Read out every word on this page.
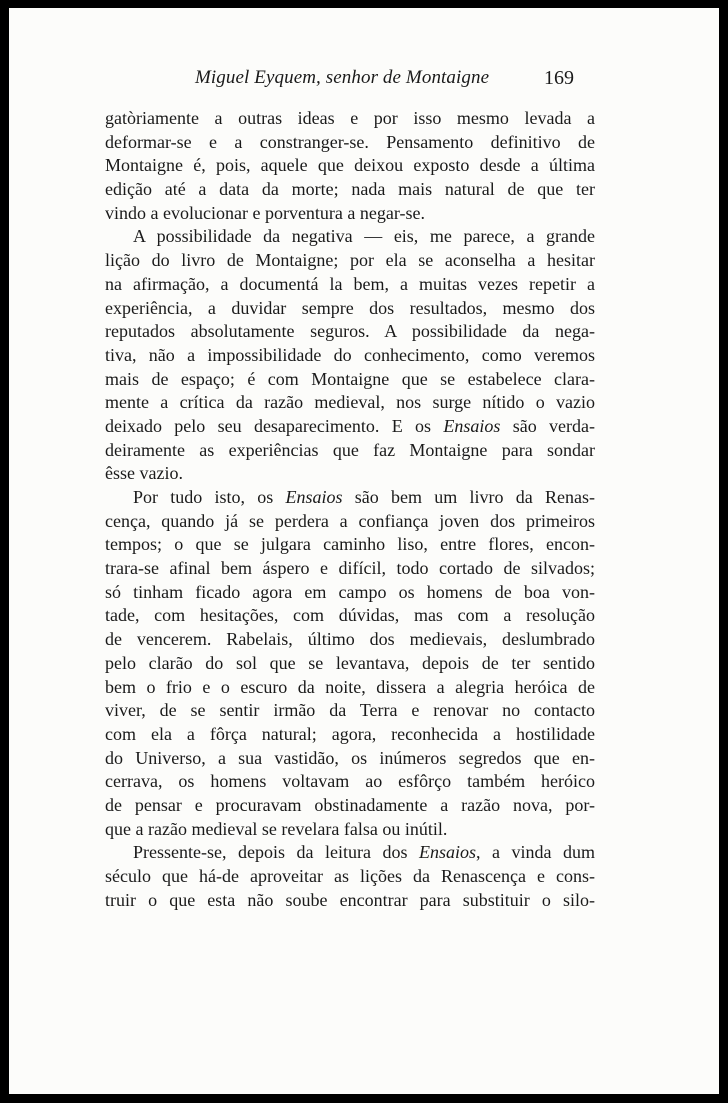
Miguel Eyquem, senhor de Montaigne	169
gatòriamente a outras ideas e por isso mesmo levada a
deformar-se e a constranger-se. Pensamento definitivo de
Montaigne é, pois, aquele que deixou exposto desde a última
edição até a data da morte; nada mais natural de que ter
vindo a evolucionar e porventura a negar-se.
A possibilidade da negativa — eis, me parece, a grande
lição do livro de Montaigne; por ela se aconselha a hesitar
na afirmação, a documentá la bem, a muitas vezes repetir a
experiência, a duvidar sempre dos resultados, mesmo dos
reputados absolutamente seguros. A possibilidade da nega-
tiva, não a impossibilidade do conhecimento, como veremos
mais de espaço; é com Montaigne que se estabelece clara-
mente a crítica da razão medieval, nos surge nítido o vazio
deixado pelo seu desaparecimento. E os Ensaios são verda-
deiramente as experiências que faz Montaigne para sondar
êsse vazio.
Por tudo isto, os Ensaios são bem um livro da Renas-
cença, quando já se perdera a confiança joven dos primeiros
tempos; o que se julgara caminho liso, entre flores, encon-
trara-se afinal bem áspero e difícil, todo cortado de silvados;
só tinham ficado agora em campo os homens de boa von-
tade, com hesitações, com dúvidas, mas com a resolução
de vencerem. Rabelais, último dos medievais, deslumbrado
pelo clarão do sol que se levantava, depois de ter sentido
bem o frio e o escuro da noite, dissera a alegria heróica de
viver, de se sentir irmão da Terra e renovar no contacto
com ela a fôrça natural; agora, reconhecida a hostilidade
do Universo, a sua vastidão, os inúmeros segredos que en-
cerrava, os homens voltavam ao esfôrço também heróico
de pensar e procuravam obstinadamente a razão nova, por-
que a razão medieval se revelara falsa ou inútil.
Pressente-se, depois da leitura dos Ensaios, a vinda dum
século que há-de aproveitar as lições da Renascença e cons-
truir o que esta não soube encontrar para substituir o silo-
